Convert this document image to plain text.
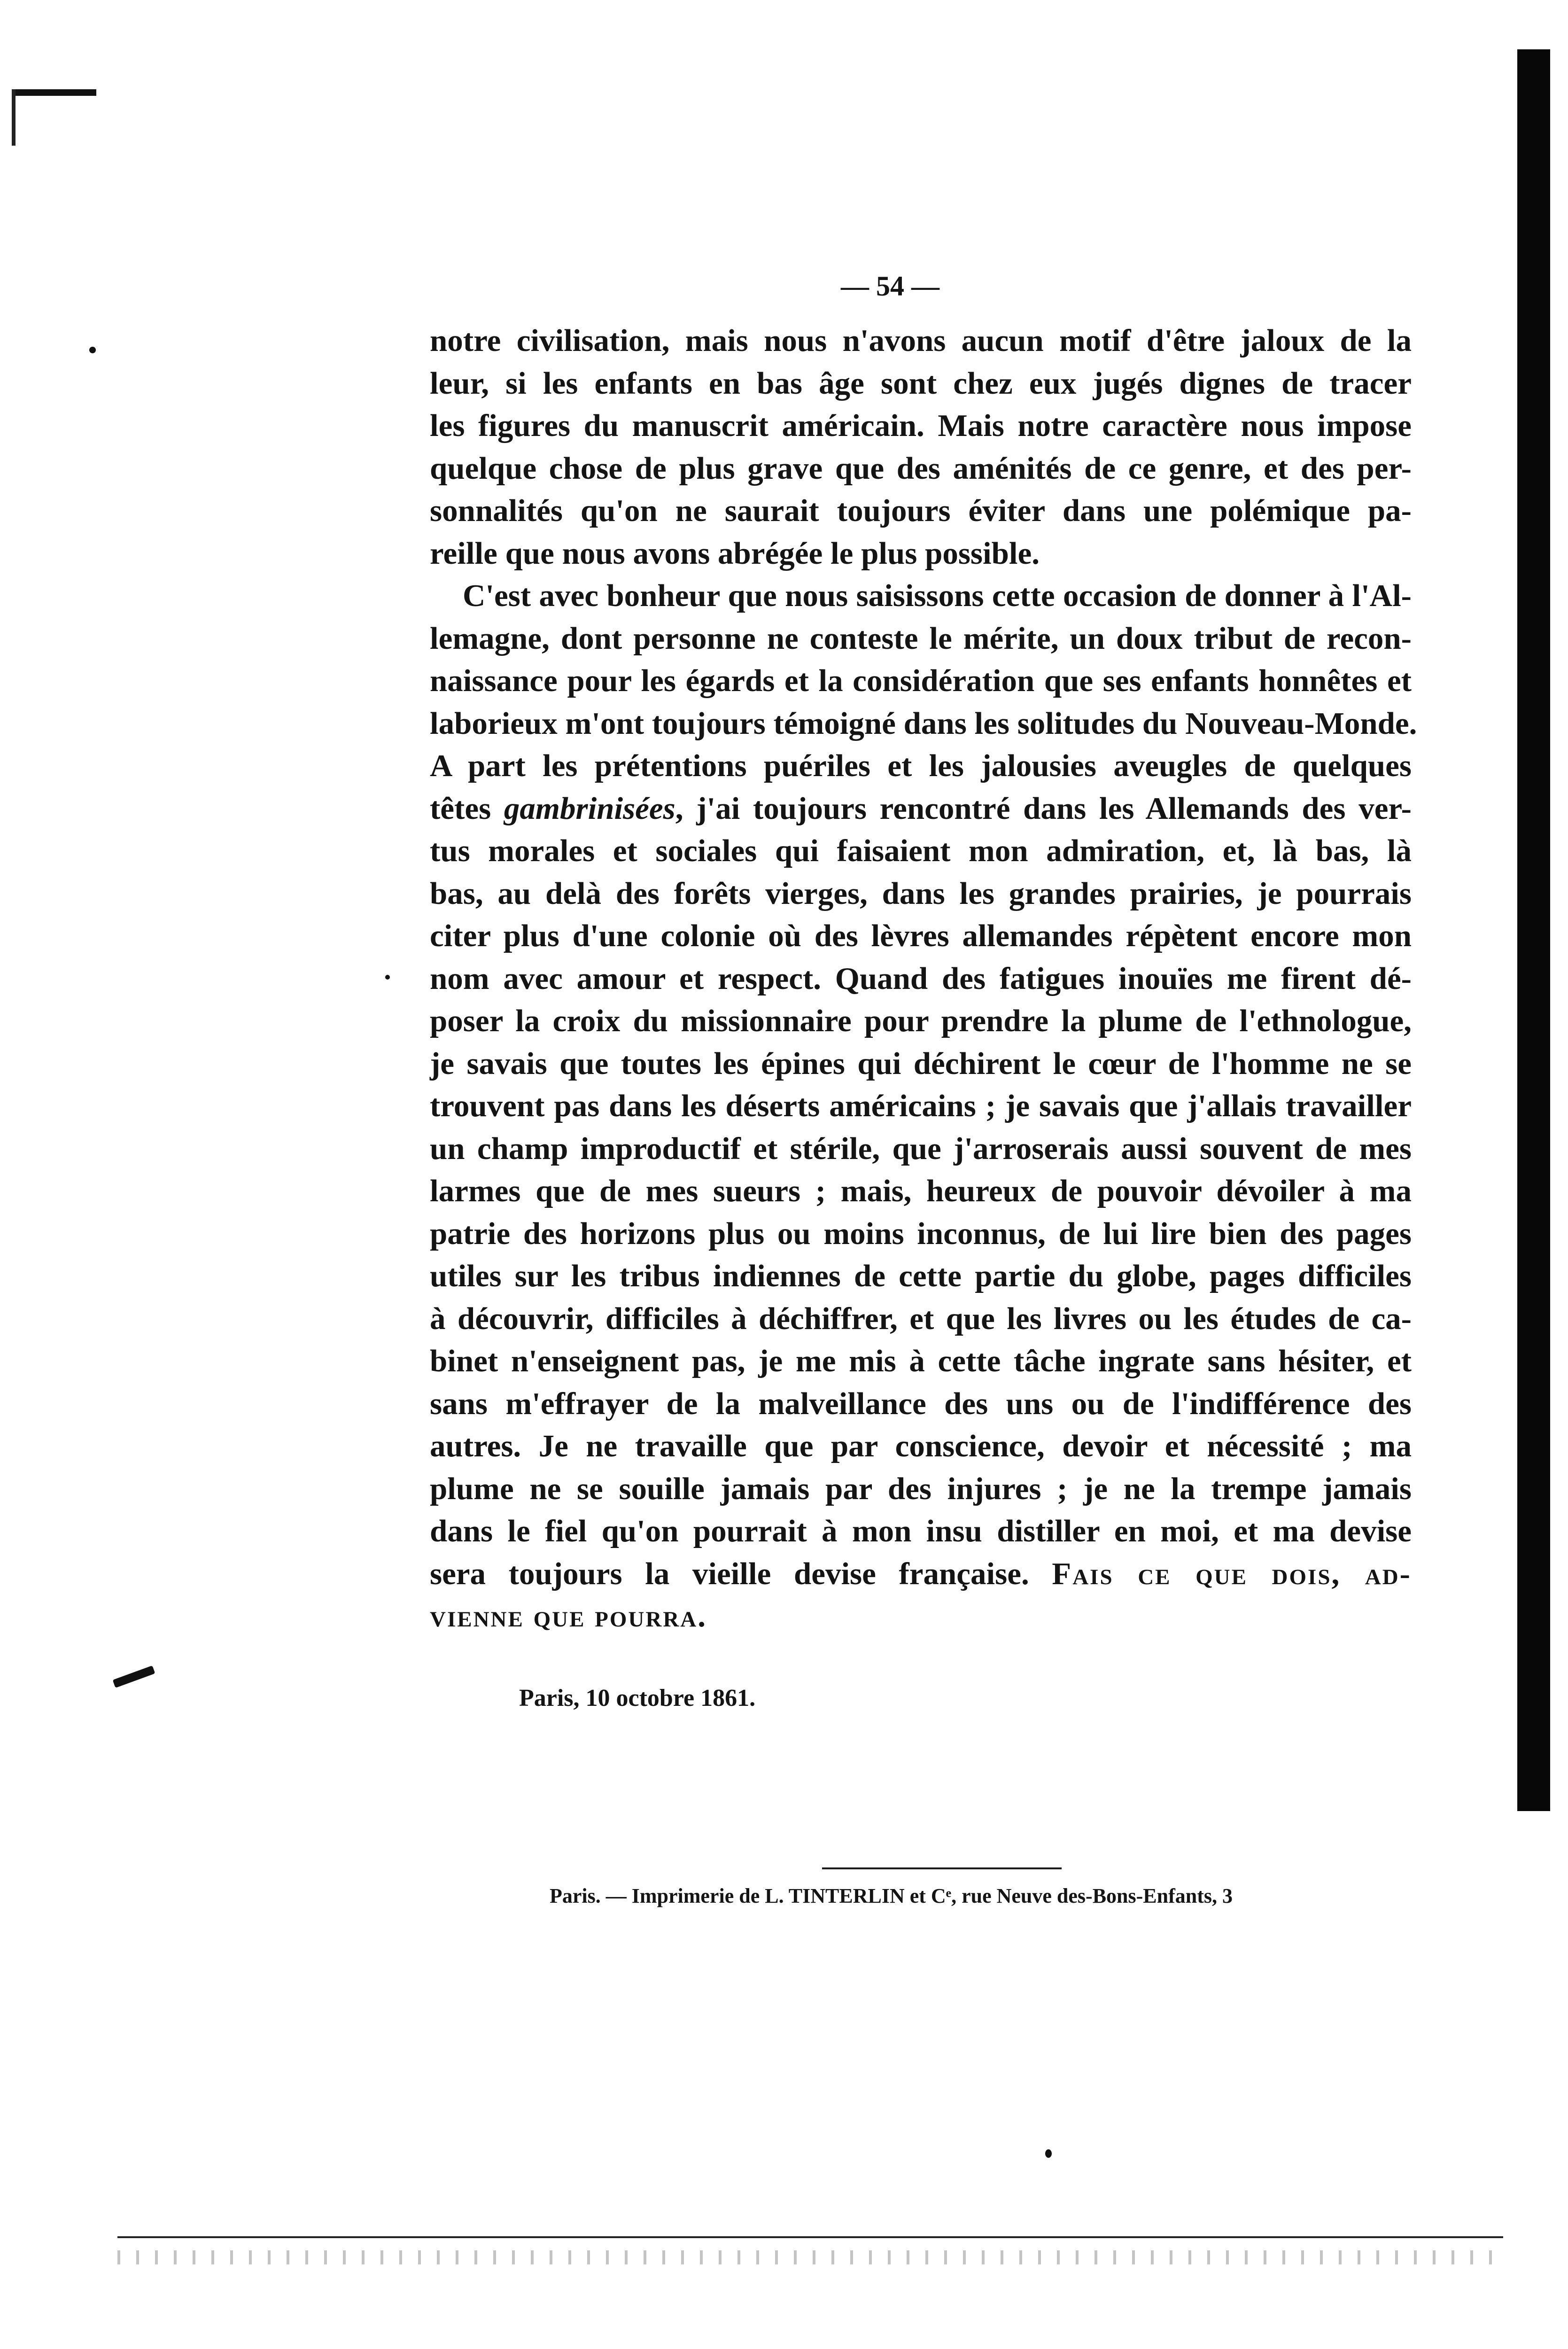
— 54 —
notre civilisation, mais nous n'avons aucun motif d'être jaloux de la
leur, si les enfants en bas âge sont chez eux jugés dignes de tracer
les figures du manuscrit américain. Mais notre caractère nous impose
quelque chose de plus grave que des aménités de ce genre, et des per-
sonnalités qu'on ne saurait toujours éviter dans une polémique pa-
reille que nous avons abrégée le plus possible.
C'est avec bonheur que nous saisissons cette occasion de donner à l'Al-
lemagne, dont personne ne conteste le mérite, un doux tribut de recon-
naissance pour les égards et la considération que ses enfants honnêtes et
laborieux m'ont toujours témoigné dans les solitudes du Nouveau-Monde.
A part les prétentions puériles et les jalousies aveugles de quelques
têtes gambrinisées, j'ai toujours rencontré dans les Allemands des ver-
tus morales et sociales qui faisaient mon admiration, et, là bas, là
bas, au delà des forêts vierges, dans les grandes prairies, je pourrais
citer plus d'une colonie où des lèvres allemandes répètent encore mon
nom avec amour et respect. Quand des fatigues inouïes me firent dé-
poser la croix du missionnaire pour prendre la plume de l'ethnologue,
je savais que toutes les épines qui déchirent le cœur de l'homme ne se
trouvent pas dans les déserts américains ; je savais que j'allais travailler
un champ improductif et stérile, que j'arroserais aussi souvent de mes
larmes que de mes sueurs ; mais, heureux de pouvoir dévoiler à ma
patrie des horizons plus ou moins inconnus, de lui lire bien des pages
utiles sur les tribus indiennes de cette partie du globe, pages difficiles
à découvrir, difficiles à déchiffrer, et que les livres ou les études de ca-
binet n'enseignent pas, je me mis à cette tâche ingrate sans hésiter, et
sans m'effrayer de la malveillance des uns ou de l'indifférence des
autres. Je ne travaille que par conscience, devoir et nécessité ; ma
plume ne se souille jamais par des injures ; je ne la trempe jamais
dans le fiel qu'on pourrait à mon insu distiller en moi, et ma devise
sera toujours la vieille devise française. Fais ce que dois, ad-
vienne que pourra.
Paris, 10 octobre 1861.
Paris. — Imprimerie de L. TINTERLIN et Cᵉ, rue Neuve des-Bons-Enfants, 3
